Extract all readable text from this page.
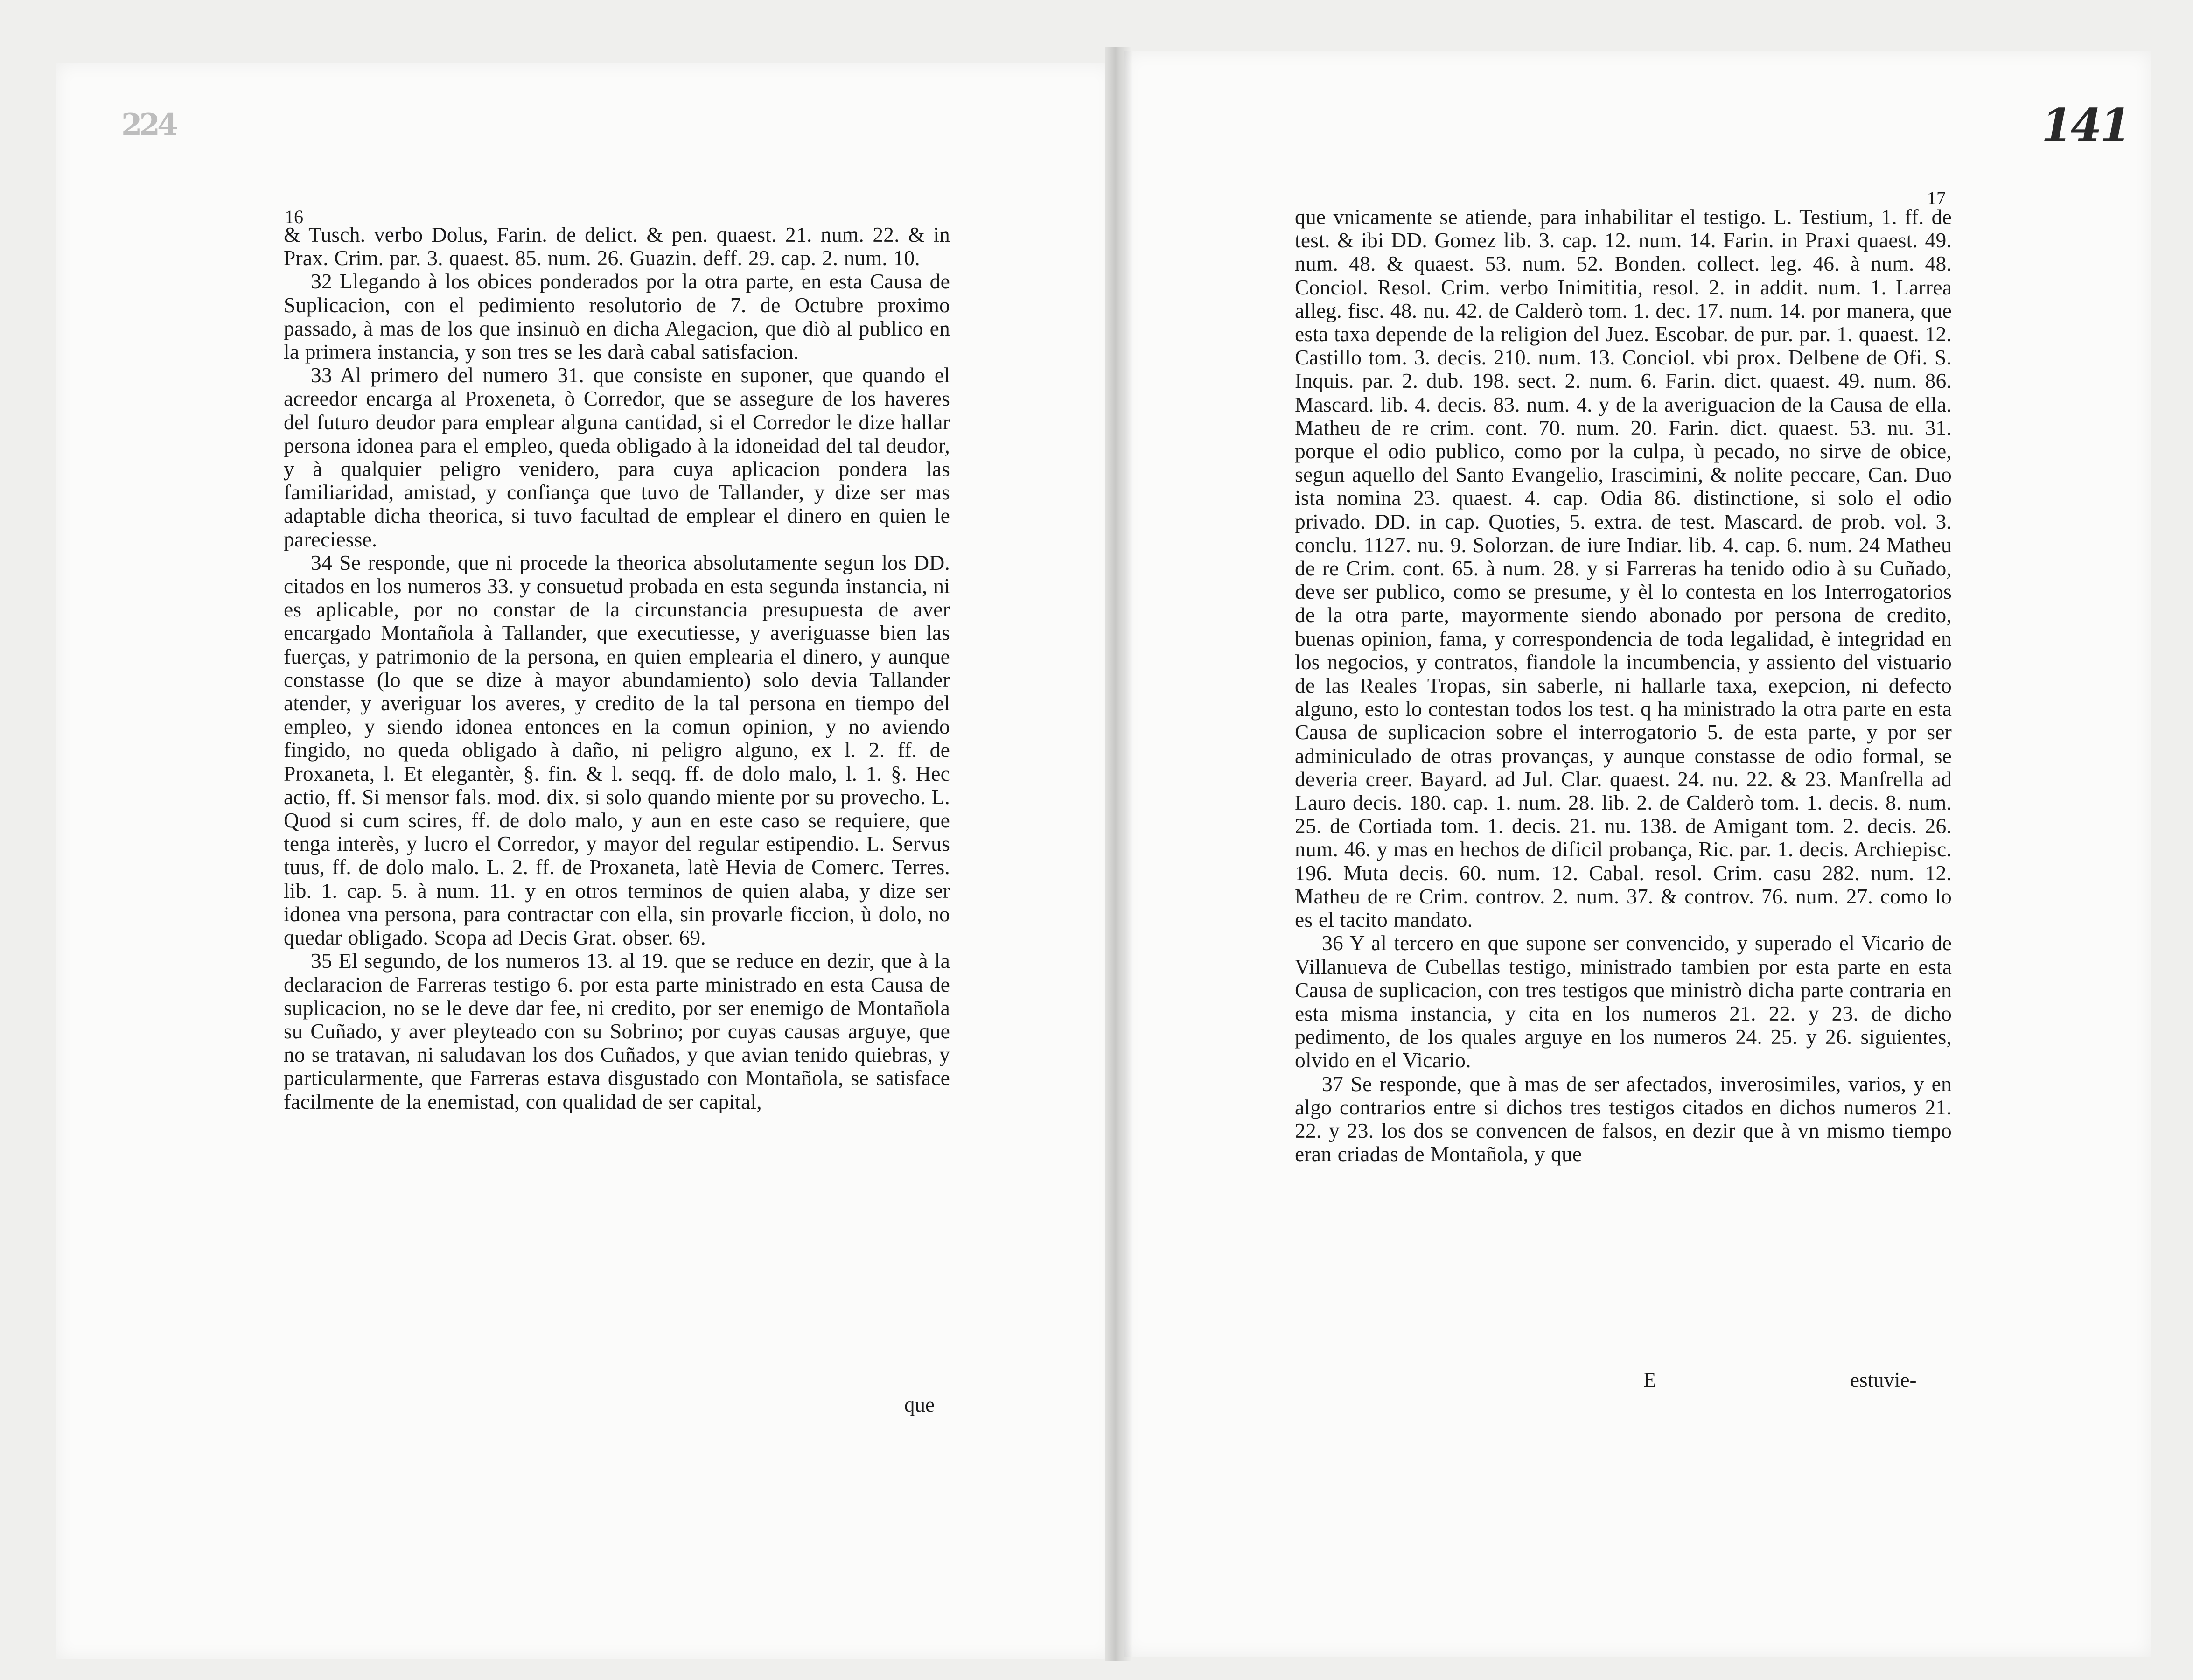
224	141
16
17

& Tusch. verbo Dolus, Farin. de delict. & pen. quaest. 21. num. 22. & in Prax. Crim. par. 3. quaest. 85. num. 26. Guazin. deff. 29. cap. 2. num. 10.

32 Llegando à los obices ponderados por la otra parte, en esta Causa de Suplicacion, con el pedimiento resolutorio de 7. de Octubre proximo passado, à mas de los que insinuò en dicha Alegacion, que diò al publico en la primera instancia, y son tres se les darà cabal satisfacion.

33 Al primero del numero 31. que consiste en suponer, que quando el acreedor encarga al Proxeneta, ò Corredor, que se assegure de los haveres del futuro deudor para emplear alguna cantidad, si el Corredor le dize hallar persona idonea para el empleo, queda obligado à la idoneidad del tal deudor, y à qualquier peligro venidero, para cuya aplicacion pondera las familiaridad, amistad, y confiança que tuvo de Tallander, y dize ser mas adaptable dicha theorica, si tuvo facultad de emplear el dinero en quien le pareciesse.

34 Se responde, que ni procede la theorica absolutamente segun los DD. citados en los numeros 33. y consuetud probada en esta segunda instancia, ni es aplicable, por no constar de la circunstancia presupuesta de aver encargado Montañola à Tallander, que executiesse, y averiguasse bien las fuerças, y patrimonio de la persona, en quien emplearia el dinero, y aunque constasse (lo que se dize à mayor abundamiento) solo devia Tallander atender, y averiguar los averes, y credito de la tal persona en tiempo del empleo, y siendo idonea entonces en la comun opinion, y no aviendo fingido, no queda obligado à daño, ni peligro alguno, ex l. 2. ff. de Proxaneta, l. Et elegantèr, §. fin. & l. seqq. ff. de dolo malo, l. 1. §. Hec actio, ff. Si mensor fals. mod. dix. si solo quando miente por su provecho. L. Quod si cum scires, ff. de dolo malo, y aun en este caso se requiere, que tenga interès, y lucro el Corredor, y mayor del regular estipendio. L. Servus tuus, ff. de dolo malo. L. 2. ff. de Proxaneta, latè Hevia de Comerc. Terres. lib. 1. cap. 5. à num. 11. y en otros terminos de quien alaba, y dize ser idonea vna persona, para contractar con ella, sin provarle ficcion, ù dolo, no quedar obligado. Scopa ad Decis Grat. obser. 69.

35 El segundo, de los numeros 13. al 19. que se reduce en dezir, que à la declaracion de Farreras testigo 6. por esta parte ministrado en esta Causa de suplicacion, no se le deve dar fee, ni credito, por ser enemigo de Montañola su Cuñado, y aver pleyteado con su Sobrino; por cuyas causas arguye, que no se tratavan, ni saludavan los dos Cuñados, y que avian tenido quiebras, y particularmente, que Farreras estava disgustado con Montañola, se satisface facilmente de la enemistad, con qualidad de ser capital,

que

que vnicamente se atiende, para inhabilitar el testigo. L. Testium, 1. ff. de test. & ibi DD. Gomez lib. 3. cap. 12. num. 14. Farin. in Praxi quaest. 49. num. 48. & quaest. 53. num. 52. Bonden. collect. leg. 46. à num. 48. Conciol. Resol. Crim. verbo Inimititia, resol. 2. in addit. num. 1. Larrea alleg. fisc. 48. nu. 42. de Calderò tom. 1. dec. 17. num. 14. por manera, que esta taxa depende de la religion del Juez. Escobar. de pur. par. 1. quaest. 12. Castillo tom. 3. decis. 210. num. 13. Conciol. vbi prox. Delbene de Ofi. S. Inquis. par. 2. dub. 198. sect. 2. num. 6. Farin. dict. quaest. 49. num. 86. Mascard. lib. 4. decis. 83. num. 4. y de la averiguacion de la Causa de ella. Matheu de re crim. cont. 70. num. 20. Farin. dict. quaest. 53. nu. 31. porque el odio publico, como por la culpa, ù pecado, no sirve de obice, segun aquello del Santo Evangelio, Irascimini, & nolite peccare, Can. Duo ista nomina 23. quaest. 4. cap. Odia 86. distinctione, si solo el odio privado. DD. in cap. Quoties, 5. extra. de test. Mascard. de prob. vol. 3. conclu. 1127. nu. 9. Solorzan. de iure Indiar. lib. 4. cap. 6. num. 24 Matheu de re Crim. cont. 65. à num. 28. y si Farreras ha tenido odio à su Cuñado, deve ser publico, como se presume, y èl lo contesta en los Interrogatorios de la otra parte, mayormente siendo abonado por persona de credito, buenas opinion, fama, y correspondencia de toda legalidad, è integridad en los negocios, y contratos, fiandole la incumbencia, y assiento del vistuario de las Reales Tropas, sin saberle, ni hallarle taxa, exepcion, ni defecto alguno, esto lo contestan todos los test. q ha ministrado la otra parte en esta Causa de suplicacion sobre el interrogatorio 5. de esta parte, y por ser adminiculado de otras provanças, y aunque constasse de odio formal, se deveria creer. Bayard. ad Jul. Clar. quaest. 24. nu. 22. & 23. Manfrella ad Lauro decis. 180. cap. 1. num. 28. lib. 2. de Calderò tom. 1. decis. 8. num. 25. de Cortiada tom. 1. decis. 21. nu. 138. de Amigant tom. 2. decis. 26. num. 46. y mas en hechos de dificil probança, Ric. par. 1. decis. Archiepisc. 196. Muta decis. 60. num. 12. Cabal. resol. Crim. casu 282. num. 12. Matheu de re Crim. controv. 2. num. 37. & controv. 76. num. 27. como lo es el tacito mandato.

36 Y al tercero en que supone ser convencido, y superado el Vicario de Villanueva de Cubellas testigo, ministrado tambien por esta parte en esta Causa de suplicacion, con tres testigos que ministrò dicha parte contraria en esta misma instancia, y cita en los numeros 21. 22. y 23. de dicho pedimento, de los quales arguye en los numeros 24. 25. y 26. siguientes, olvido en el Vicario.

37 Se responde, que à mas de ser afectados, inverosimiles, varios, y en algo contrarios entre si dichos tres testigos citados en dichos numeros 21. 22. y 23. los dos se convencen de falsos, en dezir que à vn mismo tiempo eran criadas de Montañola, y que

E	estuvie-
